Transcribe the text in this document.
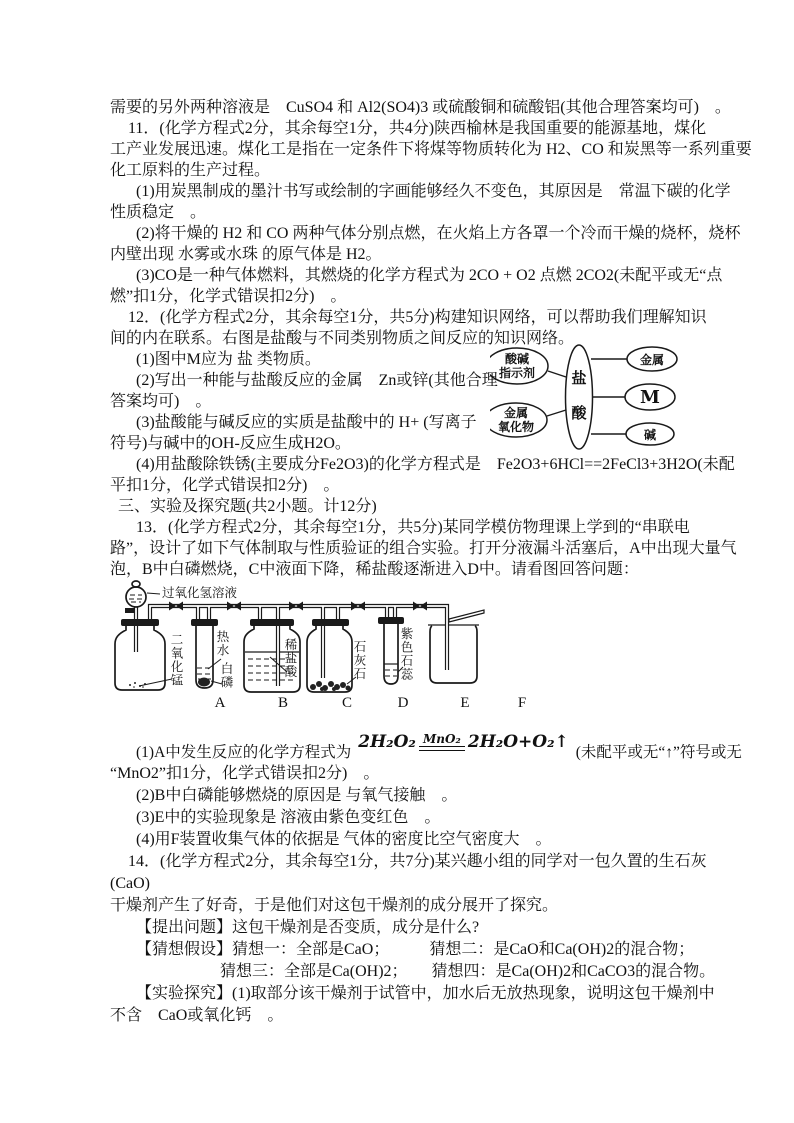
需要的另外两种溶液是　CuSO4 和 Al2(SO4)3 或硫酸铜和硫酸铝(其他合理答案均可)　。
11．(化学方程式2分，其余每空1分，共4分)陕西榆林是我国重要的能源基地，煤化
工产业发展迅速。煤化工是指在一定条件下将煤等物质转化为 H2、CO 和炭黑等一系列重要
化工原料的生产过程。
(1)用炭黑制成的墨汁书写或绘制的字画能够经久不变色，其原因是　常温下碳的化学
性质稳定　。
(2)将干燥的 H2 和 CO 两种气体分别点燃，在火焰上方各罩一个冷而干燥的烧杯，烧杯
内壁出现 水雾或水珠 的原气体是 H2。
(3)CO是一种气体燃料，其燃烧的化学方程式为 2CO + O2 点燃 2CO2(未配平或无“点
燃”扣1分，化学式错误扣2分)　。
12．(化学方程式2分，其余每空1分，共5分)构建知识网络，可以帮助我们理解知识
间的内在联系。右图是盐酸与不同类别物质之间反应的知识网络。
(1)图中M应为 盐 类物质。
(2)写出一种能与盐酸反应的金属　Zn或锌(其他合理
答案均可)　。
(3)盐酸能与碱反应的实质是盐酸中的 H+ (写离子
符号)与碱中的OH-反应生成H2O。
(4)用盐酸除铁锈(主要成分Fe2O3)的化学方程式是　Fe2O3+6HCl==2FeCl3+3H2O(未配
平扣1分，化学式错误扣2分)　。
三、实验及探究题(共2小题。计12分)
13．(化学方程式2分，其余每空1分，共5分)某同学模仿物理课上学到的“串联电
路”，设计了如下气体制取与性质验证的组合实验。打开分液漏斗活塞后，A中出现大量气
泡，B中白磷燃烧，C中液面下降，稀盐酸逐渐进入D中。请看图回答问题：
过氧化氢溶液
二氧化锰	热水
白磷	稀盐酸	石灰石	紫色石蕊
A	B	C	D	E	F
(1)A中发生反应的化学方程式为
2H₂O₂ MnO₂ 2H₂O+O₂↑
(未配平或无“↑”符号或无
“MnO2”扣1分，化学式错误扣2分)　。
(2)B中白磷能够燃烧的原因是 与氧气接触　。
(3)E中的实验现象是 溶液由紫色变红色　。
(4)用F装置收集气体的依据是 气体的密度比空气密度大　。
14．(化学方程式2分，其余每空1分，共7分)某兴趣小组的同学对一包久置的生石灰
(CaO)
干燥剂产生了好奇，于是他们对这包干燥剂的成分展开了探究。
【提出问题】这包干燥剂是否变质，成分是什么?
【猜想假设】猜想一：全部是CaO；　　　猜想二：是CaO和Ca(OH)2的混合物；
猜想三：全部是Ca(OH)2；　　猜想四：是Ca(OH)2和CaCO3的混合物。
【实验探究】(1)取部分该干燥剂于试管中，加水后无放热现象，说明这包干燥剂中
不含　CaO或氧化钙　。
酸碱
指示剂
金属
氧化物
盐
酸
金属
M
碱
